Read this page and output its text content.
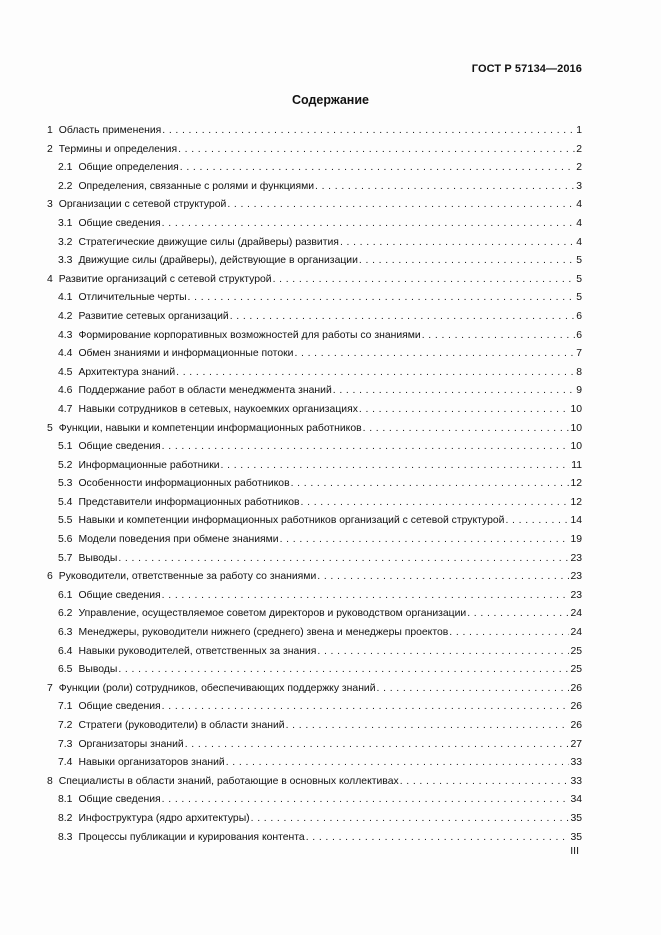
ГОСТ Р 57134—2016
Содержание
1 Область применения . . .	1
2 Термины и определения . . .	2
2.1 Общие определения . . .	2
2.2 Определения, связанные с ролями и функциями . . .	3
3 Организации с сетевой структурой . . .	4
3.1 Общие сведения . . .	4
3.2 Стратегические движущие силы (драйверы) развития . . .	4
3.3 Движущие силы (драйверы), действующие в организации . . .	5
4 Развитие организаций с сетевой структурой . . .	5
4.1 Отличительные черты . . .	5
4.2 Развитие сетевых организаций . . .	6
4.3 Формирование корпоративных возможностей для работы со знаниями . . .	6
4.4 Обмен знаниями и информационные потоки . . .	7
4.5 Архитектура знаний . . .	8
4.6 Поддержание работ в области менеджмента знаний . . .	9
4.7 Навыки сотрудников в сетевых, наукоемких организациях . . .	10
5 Функции, навыки и компетенции информационных работников . . .	10
5.1 Общие сведения . . .	10
5.2 Информационные работники . . .	11
5.3 Особенности информационных работников . . .	12
5.4 Представители информационных работников . . .	12
5.5 Навыки и компетенции информационных работников организаций с сетевой структурой . . .	14
5.6 Модели поведения при обмене знаниями . . .	19
5.7 Выводы . . .	23
6 Руководители, ответственные за работу со знаниями . . .	23
6.1 Общие сведения . . .	23
6.2 Управление, осуществляемое советом директоров и руководством организации . . .	24
6.3 Менеджеры, руководители нижнего (среднего) звена и менеджеры проектов . . .	24
6.4 Навыки руководителей, ответственных за знания . . .	25
6.5 Выводы . . .	25
7 Функции (роли) сотрудников, обеспечивающих поддержку знаний . . .	26
7.1 Общие сведения . . .	26
7.2 Стратеги (руководители) в области знаний . . .	26
7.3 Организаторы знаний . . .	27
7.4 Навыки организаторов знаний . . .	33
8 Специалисты в области знаний, работающие в основных коллективах . . .	33
8.1 Общие сведения . . .	34
8.2 Инфоструктура (ядро архитектуры) . . .	35
8.3 Процессы публикации и курирования контента . . .	35
III
